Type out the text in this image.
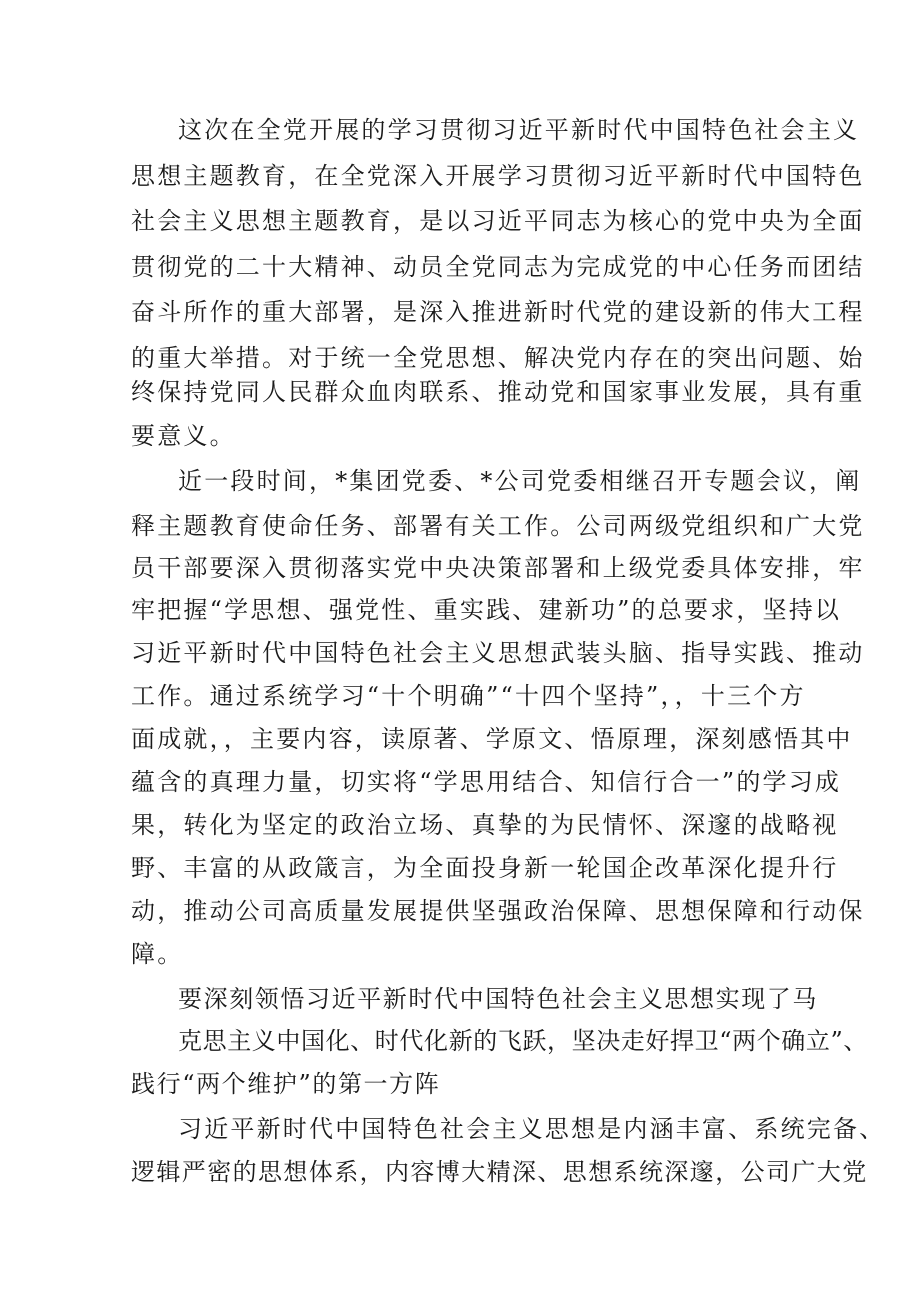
这次在全党开展的学习贯彻习近平新时代中国特色社会主义

思想主题教育，在全党深入开展学习贯彻习近平新时代中国特色

社会主义思想主题教育，是以习近平同志为核心的党中央为全面

贯彻党的二十大精神、动员全党同志为完成党的中心任务而团结

奋斗所作的重大部署，是深入推进新时代党的建设新的伟大工程

的重大举措。对于统一全党思想、解决党内存在的突出问题、始

终保持党同人民群众血肉联系、推动党和国家事业发展，具有重

要意义。

近一段时间，*集团党委、*公司党委相继召开专题会议，阐

释主题教育使命任务、部署有关工作。公司两级党组织和广大党

员干部要深入贯彻落实党中央决策部署和上级党委具体安排，牢

牢把握“学思想、强党性、重实践、建新功”的总要求，坚持以

习近平新时代中国特色社会主义思想武装头脑、指导实践、推动

工作。通过系统学习“十个明确”“十四个坚持”，，十三个方

面成就，，主要内容，读原著、学原文、悟原理，深刻感悟其中

蕴含的真理力量，切实将“学思用结合、知信行合一”的学习成

果，转化为坚定的政治立场、真挚的为民情怀、深邃的战略视

野、丰富的从政箴言，为全面投身新一轮国企改革深化提升行

动，推动公司高质量发展提供坚强政治保障、思想保障和行动保

障。

要深刻领悟习近平新时代中国特色社会主义思想实现了马

克思主义中国化、时代化新的飞跃，坚决走好捍卫“两个确立”、

践行“两个维护”的第一方阵

习近平新时代中国特色社会主义思想是内涵丰富、系统完备、

逻辑严密的思想体系，内容博大精深、思想系统深邃，公司广大党
